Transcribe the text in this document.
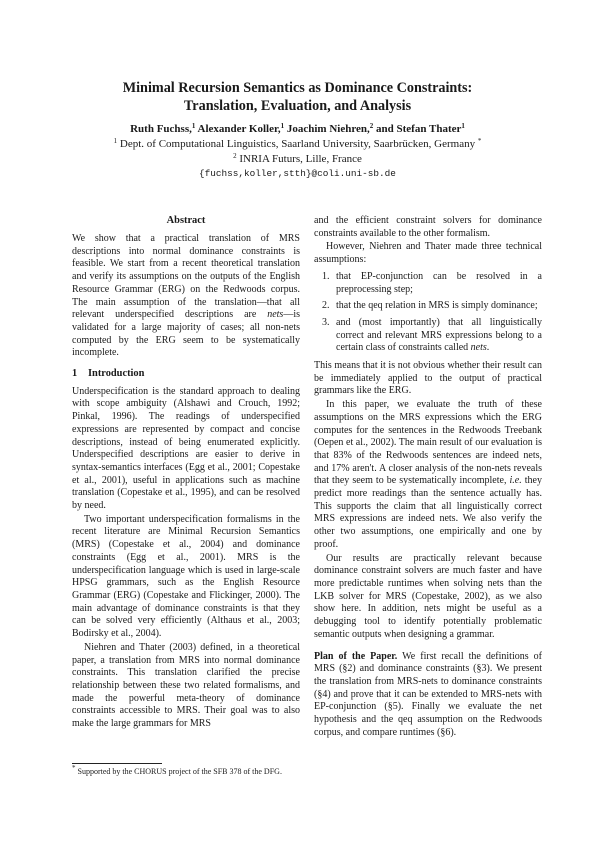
Minimal Recursion Semantics as Dominance Constraints:
Translation, Evaluation, and Analysis
Ruth Fuchss,$^1$ Alexander Koller,$^1$ Joachim Niehren,$^2$ and Stefan Thater$^1$
$^1$ Dept. of Computational Linguistics, Saarland University, Saarbrücken, Germany *
$^2$ INRIA Futurs, Lille, France
{fuchss,koller,stth}@coli.uni-sb.de
Abstract

We show that a practical translation of MRS descriptions into normal dominance constraints is feasible. We start from a recent theoretical translation and verify its assumptions on the outputs of the English Resource Grammar (ERG) on the Redwoods corpus. The main assumption of the translation—that all relevant underspecified descriptions are nets—is validated for a large majority of cases; all non-nets computed by the ERG seem to be systematically incomplete.

1 Introduction

Underspecification is the standard approach to dealing with scope ambiguity (Alshawi and Crouch, 1992; Pinkal, 1996). The readings of underspecified expressions are represented by compact and concise descriptions, instead of being enumerated explicitly. Underspecified descriptions are easier to derive in syntax-semantics interfaces (Egg et al., 2001; Copestake et al., 2001), useful in applications such as machine translation (Copestake et al., 1995), and can be resolved by need.

Two important underspecification formalisms in the recent literature are Minimal Recursion Semantics (MRS) (Copestake et al., 2004) and dominance constraints (Egg et al., 2001). MRS is the underspecification language which is used in large-scale HPSG grammars, such as the English Resource Grammar (ERG) (Copestake and Flickinger, 2000). The main advantage of dominance constraints is that they can be solved very efficiently (Althaus et al., 2003; Bodirsky et al., 2004).

Niehren and Thater (2003) defined, in a theoretical paper, a translation from MRS into normal dominance constraints. This translation clarified the precise relationship between these two related formalisms, and made the powerful meta-theory of dominance constraints accessible to MRS. Their goal was to also make the large grammars for MRS

and the efficient constraint solvers for dominance constraints available to the other formalism.

However, Niehren and Thater made three technical assumptions:

1. that EP-conjunction can be resolved in a preprocessing step;
2. that the qeq relation in MRS is simply dominance;
3. and (most importantly) that all linguistically correct and relevant MRS expressions belong to a certain class of constraints called nets.

This means that it is not obvious whether their result can be immediately applied to the output of practical grammars like the ERG.

In this paper, we evaluate the truth of these assumptions on the MRS expressions which the ERG computes for the sentences in the Redwoods Treebank (Oepen et al., 2002). The main result of our evaluation is that 83% of the Redwoods sentences are indeed nets, and 17% aren't. A closer analysis of the non-nets reveals that they seem to be systematically incomplete, i.e. they predict more readings than the sentence actually has. This supports the claim that all linguistically correct MRS expressions are indeed nets. We also verify the other two assumptions, one empirically and one by proof.

Our results are practically relevant because dominance constraint solvers are much faster and have more predictable runtimes when solving nets than the LKB solver for MRS (Copestake, 2002), as we also show here. In addition, nets might be useful as a debugging tool to identify potentially problematic semantic outputs when designing a grammar.

Plan of the Paper. We first recall the definitions of MRS (§2) and dominance constraints (§3). We present the translation from MRS-nets to dominance constraints (§4) and prove that it can be extended to MRS-nets with EP-conjunction (§5). Finally we evaluate the net hypothesis and the qeq assumption on the Redwoods corpus, and compare runtimes (§6).

* Supported by the CHORUS project of the SFB 378 of the DFG.
